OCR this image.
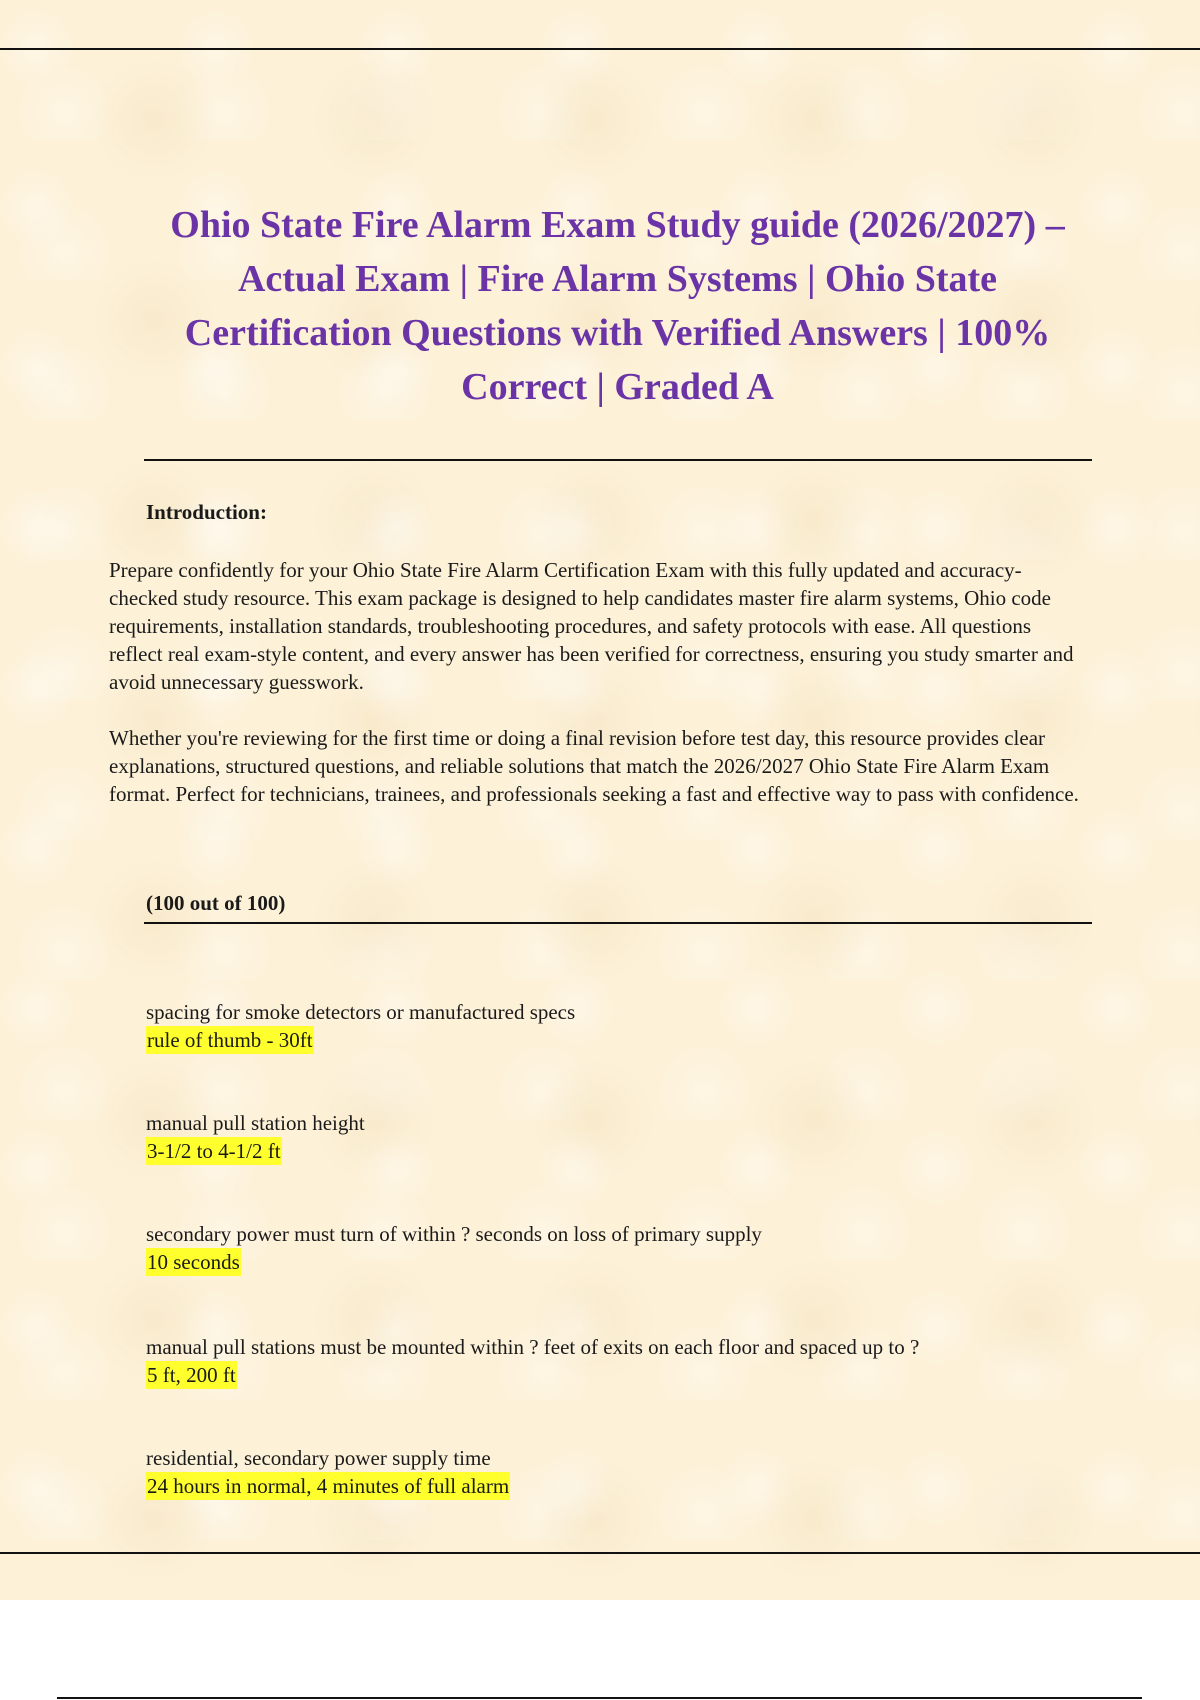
Ohio State Fire Alarm Exam Study guide (2026/2027) – Actual Exam | Fire Alarm Systems | Ohio State Certification Questions with Verified Answers | 100% Correct | Graded A
Introduction:

Prepare confidently for your Ohio State Fire Alarm Certification Exam with this fully updated and accuracy-checked study resource. This exam package is designed to help candidates master fire alarm systems, Ohio code requirements, installation standards, troubleshooting procedures, and safety protocols with ease. All questions reflect real exam-style content, and every answer has been verified for correctness, ensuring you study smarter and avoid unnecessary guesswork.

Whether you're reviewing for the first time or doing a final revision before test day, this resource provides clear explanations, structured questions, and reliable solutions that match the 2026/2027 Ohio State Fire Alarm Exam format. Perfect for technicians, trainees, and professionals seeking a fast and effective way to pass with confidence.

(100 out of 100)
spacing for smoke detectors or manufactured specs
rule of thumb - 30ft
manual pull station height
3-1/2 to 4-1/2 ft
secondary power must turn of within ? seconds on loss of primary supply
10 seconds
manual pull stations must be mounted within ? feet of exits on each floor and spaced up to ?
5 ft, 200 ft
residential, secondary power supply time
24 hours in normal, 4 minutes of full alarm
